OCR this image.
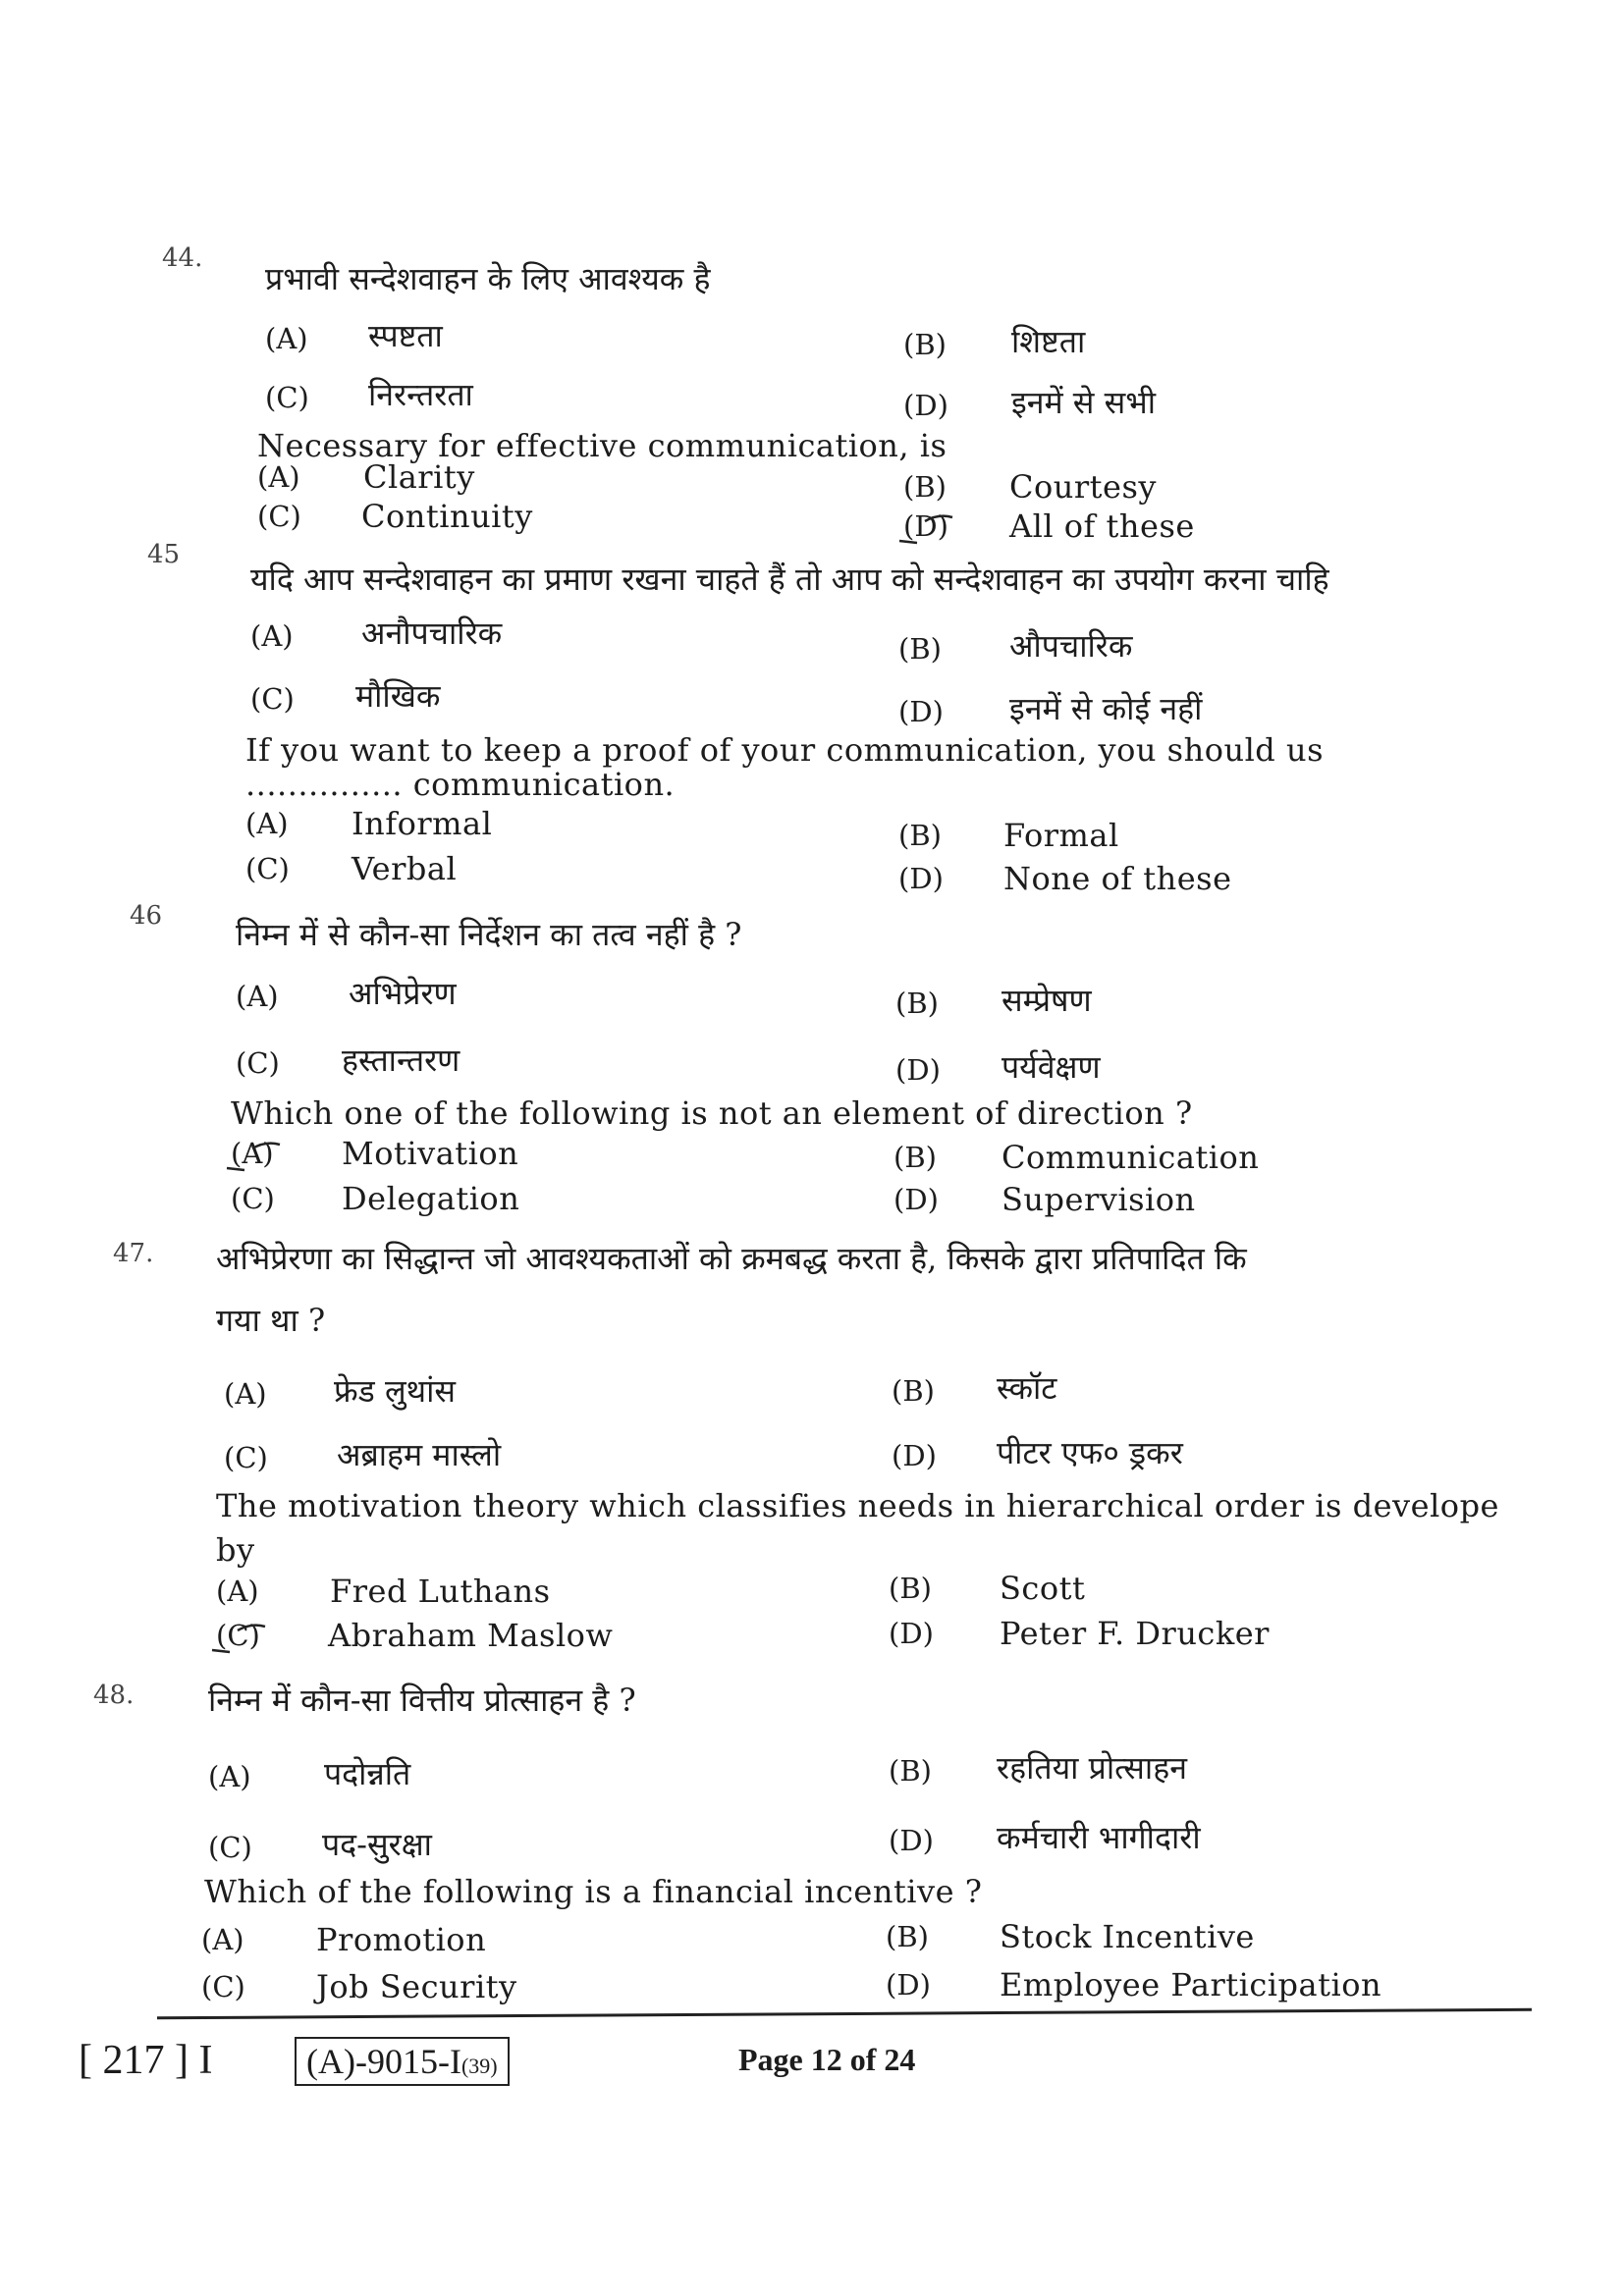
44.
प्रभावी सन्देशवाहन के लिए आवश्यक है
(A) स्पष्टता	(B) शिष्टता
(C) निरन्तरता	(D) इनमें से सभी
Necessary for effective communication, is
(A) Clarity	(B) Courtesy
(C) Continuity	(D) All of these
45
यदि आप सन्देशवाहन का प्रमाण रखना चाहते हैं तो आप को सन्देशवाहन का उपयोग करना चाहि
(A) अनौपचारिक	(B) औपचारिक
(C) मौखिक	(D) इनमें से कोई नहीं
If you want to keep a proof of your communication, you should us
............... communication.
(A) Informal	(B) Formal
(C) Verbal	(D) None of these
46 निम्न में से कौन-सा निर्देशन का तत्व नहीं है ?
(A) अभिप्रेरण	(B) सम्प्रेषण
(C) हस्तान्तरण	(D) पर्यवेक्षण
Which one of the following is not an element of direction ?
(A) Motivation	(B) Communication
(C) Delegation	(D) Supervision
47. अभिप्रेरणा का सिद्धान्त जो आवश्यकताओं को क्रमबद्ध करता है, किसके द्वारा प्रतिपादित कि
गया था ?
(A) फ्रेड लुथांस	(B) स्कॉट
(C) अब्राहम मास्लो	(D) पीटर एफ० ड्रकर
The motivation theory which classifies needs in hierarchical order is develope
by
(A) Fred Luthans	(B) Scott
(C) Abraham Maslow	(D) Peter F. Drucker
48. निम्न में कौन-सा वित्तीय प्रोत्साहन है ?
(A) पदोन्नति	(B) रहतिया प्रोत्साहन
(C) पद-सुरक्षा	(D) कर्मचारी भागीदारी
Which of the following is a financial incentive ?
(A) Promotion	(B) Stock Incentive
(C) Job Security	(D) Employee Participation
[ 217 ] I	(A)-9015-I(39)	Page 12 of 24
